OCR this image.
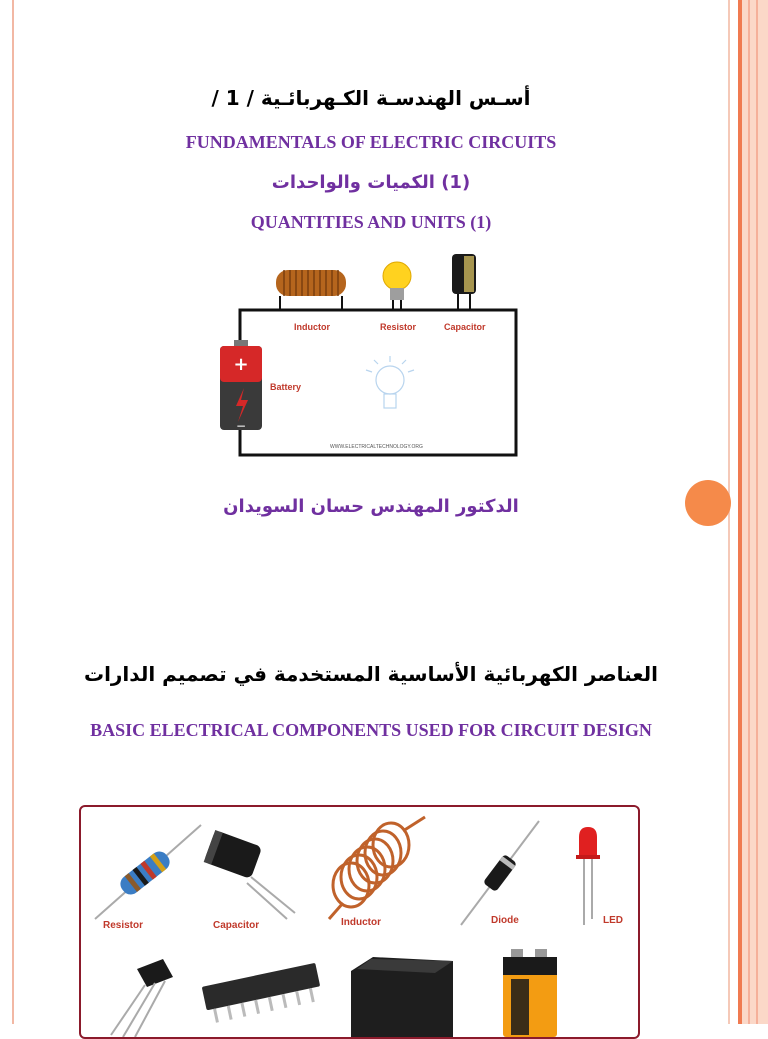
أسـس الهندسـة الكـهربائـية / 1 /
FUNDAMENTALS OF ELECTRIC CIRCUITS
(1) الكميات والواحدات
QUANTITIES AND UNITS (1)
+
−
Inductor	Resistor	Capacitor
Battery
WWW.ELECTRICALTECHNOLOGY.ORG
الدكتور المهندس حسان السويدان
العناصر الكهربائية الأساسية المستخدمة في تصميم الدارات
BASIC ELECTRICAL COMPONENTS USED FOR CIRCUIT DESIGN
Resistor	Capacitor	Inductor	Diode	LED
